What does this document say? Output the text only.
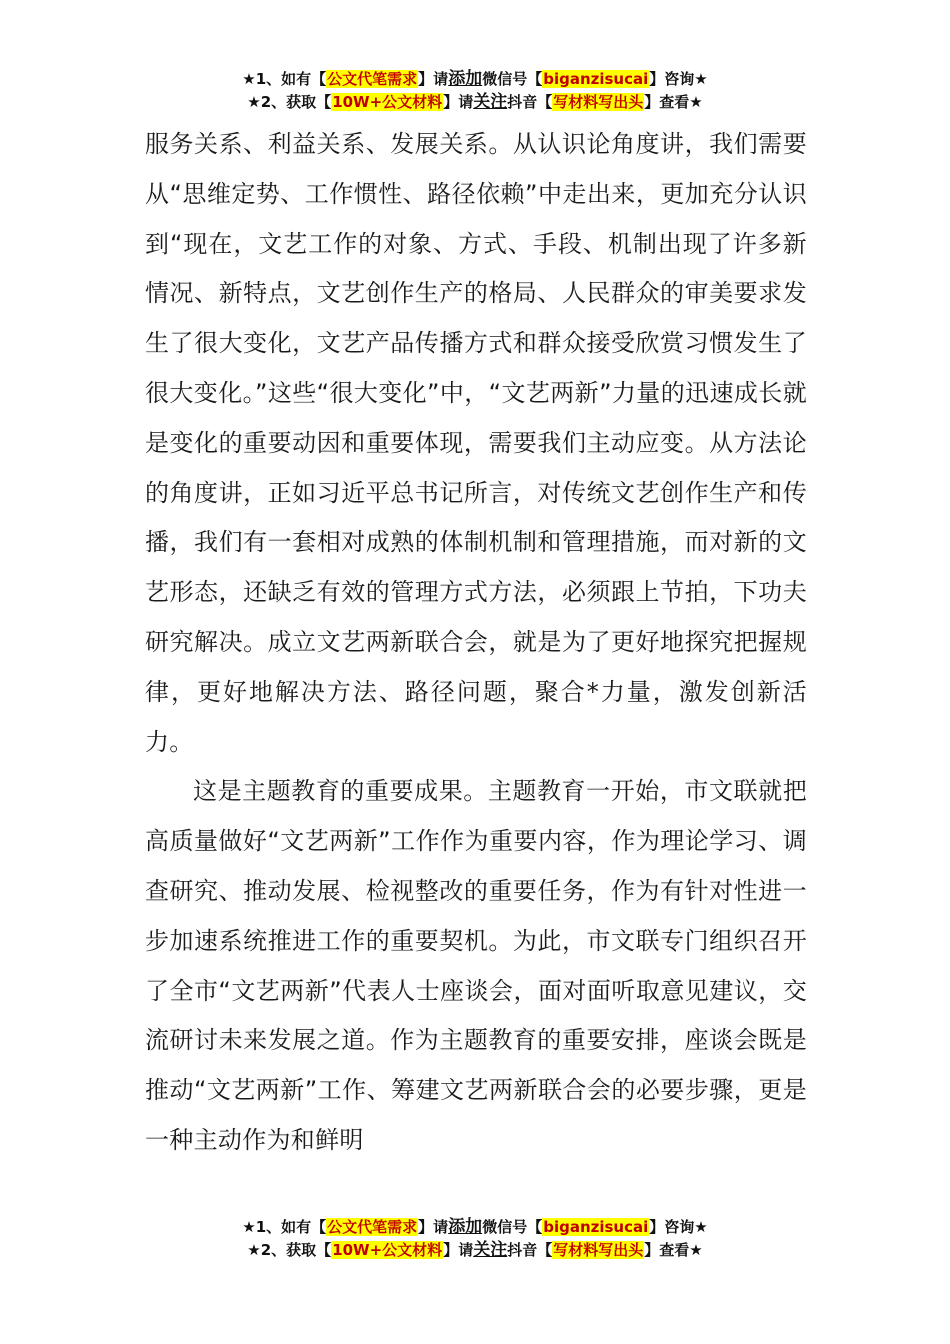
★1、如有【公文代笔需求】请添加微信号【biganzisucai】咨询★
★2、获取【10W+公文材料】请关注抖音【写材料写出头】查看★

服务关系、利益关系、发展关系。从认识论角度讲，我们需要从“思维定势、工作惯性、路径依赖”中走出来，更加充分认识到“现在，文艺工作的对象、方式、手段、机制出现了许多新情况、新特点，文艺创作生产的格局、人民群众的审美要求发生了很大变化，文艺产品传播方式和群众接受欣赏习惯发生了很大变化。”这些“很大变化”中，“文艺两新”力量的迅速成长就是变化的重要动因和重要体现，需要我们主动应变。从方法论的角度讲，正如习近平总书记所言，对传统文艺创作生产和传播，我们有一套相对成熟的体制机制和管理措施，而对新的文艺形态，还缺乏有效的管理方式方法，必须跟上节拍，下功夫研究解决。成立文艺两新联合会，就是为了更好地探究把握规律，更好地解决方法、路径问题，聚合*力量，激发创新活力。

这是主题教育的重要成果。主题教育一开始，市文联就把高质量做好“文艺两新”工作作为重要内容，作为理论学习、调查研究、推动发展、检视整改的重要任务，作为有针对性进一步加速系统推进工作的重要契机。为此，市文联专门组织召开了全市“文艺两新”代表人士座谈会，面对面听取意见建议，交流研讨未来发展之道。作为主题教育的重要安排，座谈会既是推动“文艺两新”工作、筹建文艺两新联合会的必要步骤，更是一种主动作为和鲜明

★1、如有【公文代笔需求】请添加微信号【biganzisucai】咨询★
★2、获取【10W+公文材料】请关注抖音【写材料写出头】查看★
